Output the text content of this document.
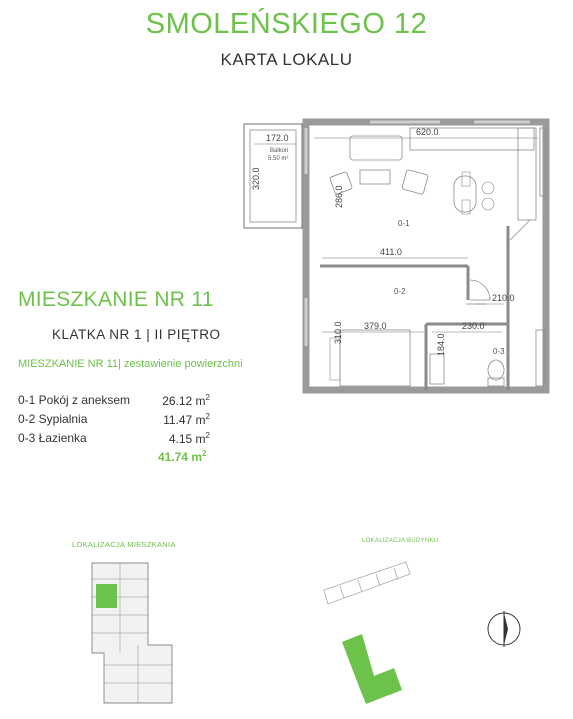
SMOLEŃSKIEGO 12
KARTA LOKALU
172.0
620.0
320.0
286.0
411.0
210.0
379.0	230.0
310.0
184.0
Balkon
5.50 m²
0-1
0-2
0-3
MIESZKANIE NR 11
KLATKA NR 1 | II PIĘTRO
MIESZKANIE NR 11| zestawienie powierzchni
0-1 Pokój z aneksem	26.12 $m^2$
0-2 Sypialnia	11.47 $m^2$
0-3 Łazienka	4.15 $m^2$
41.74 $m^2$
LOKALIZACJA MIESZKANIA	LOKALIZACJA BUDYNKU
